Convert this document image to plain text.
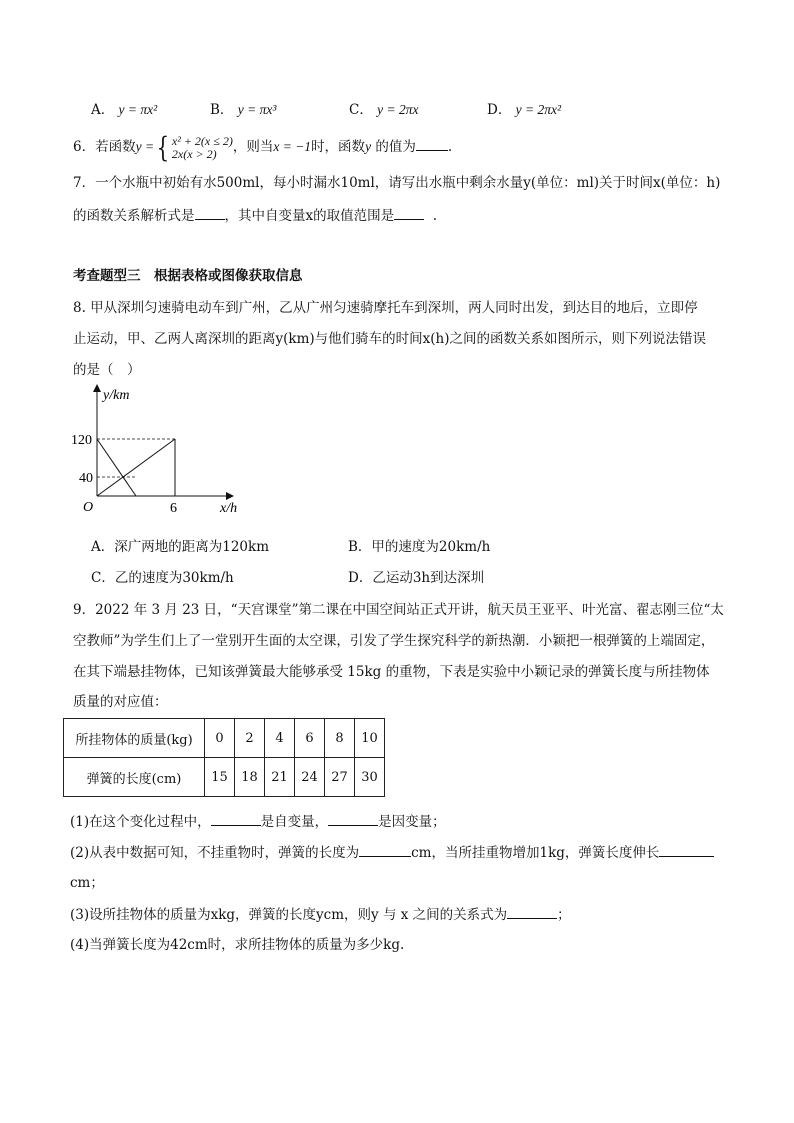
A． y = πx²	B． y = πx³	C． y = 2πx	D． y = 2πx²
6．若函数y ={ x² + 2(x ≤ 2)
2x(x > 2) ，则当x = −1时，函数y 的值为 .
7．一个水瓶中初始有水500ml，每小时漏水10ml，请写出水瓶中剩余水量y(单位：ml)关于时间x(单位：h)
的函数关系解析式是 ，其中自变量x的取值范围是	.
考查题型三　根据表格或图像获取信息
8. 甲从深圳匀速骑电动车到广州，乙从广州匀速骑摩托车到深圳，两人同时出发，到达目的地后，立即停
止运动，甲、乙两人离深圳的距离y(km)与他们骑车的时间x(h)之间的函数关系如图所示，则下列说法错误
的是（　）
y/km
120
40
O	6	x/h
A．深广两地的距离为120km	B．甲的速度为20km/h
C．乙的速度为30km/h	D．乙运动3h到达深圳
9．2022 年 3 月 23 日，“天宫课堂”第二课在中国空间站正式开讲，航天员王亚平、叶光富、翟志刚三位“太
空教师”为学生们上了一堂别开生面的太空课，引发了学生探究科学的新热潮．小颖把一根弹簧的上端固定，
在其下端悬挂物体，已知该弹簧最大能够承受 15kg 的重物，下表是实验中小颖记录的弹簧长度与所挂物体
质量的对应值：
所挂物体的质量(kg)	0	2	4	6	8	10
弹簧的长度(cm)	15	18	21	24	27	30
(1)在这个变化过程中，	是自变量，	是因变量；
(2)从表中数据可知，不挂重物时，弹簧的长度为	cm，当所挂重物增加1kg，弹簧长度伸长
cm；
(3)设所挂物体的质量为xkg，弹簧的长度ycm，则y 与 x 之间的关系式为	；
(4)当弹簧长度为42cm时，求所挂物体的质量为多少kg.
